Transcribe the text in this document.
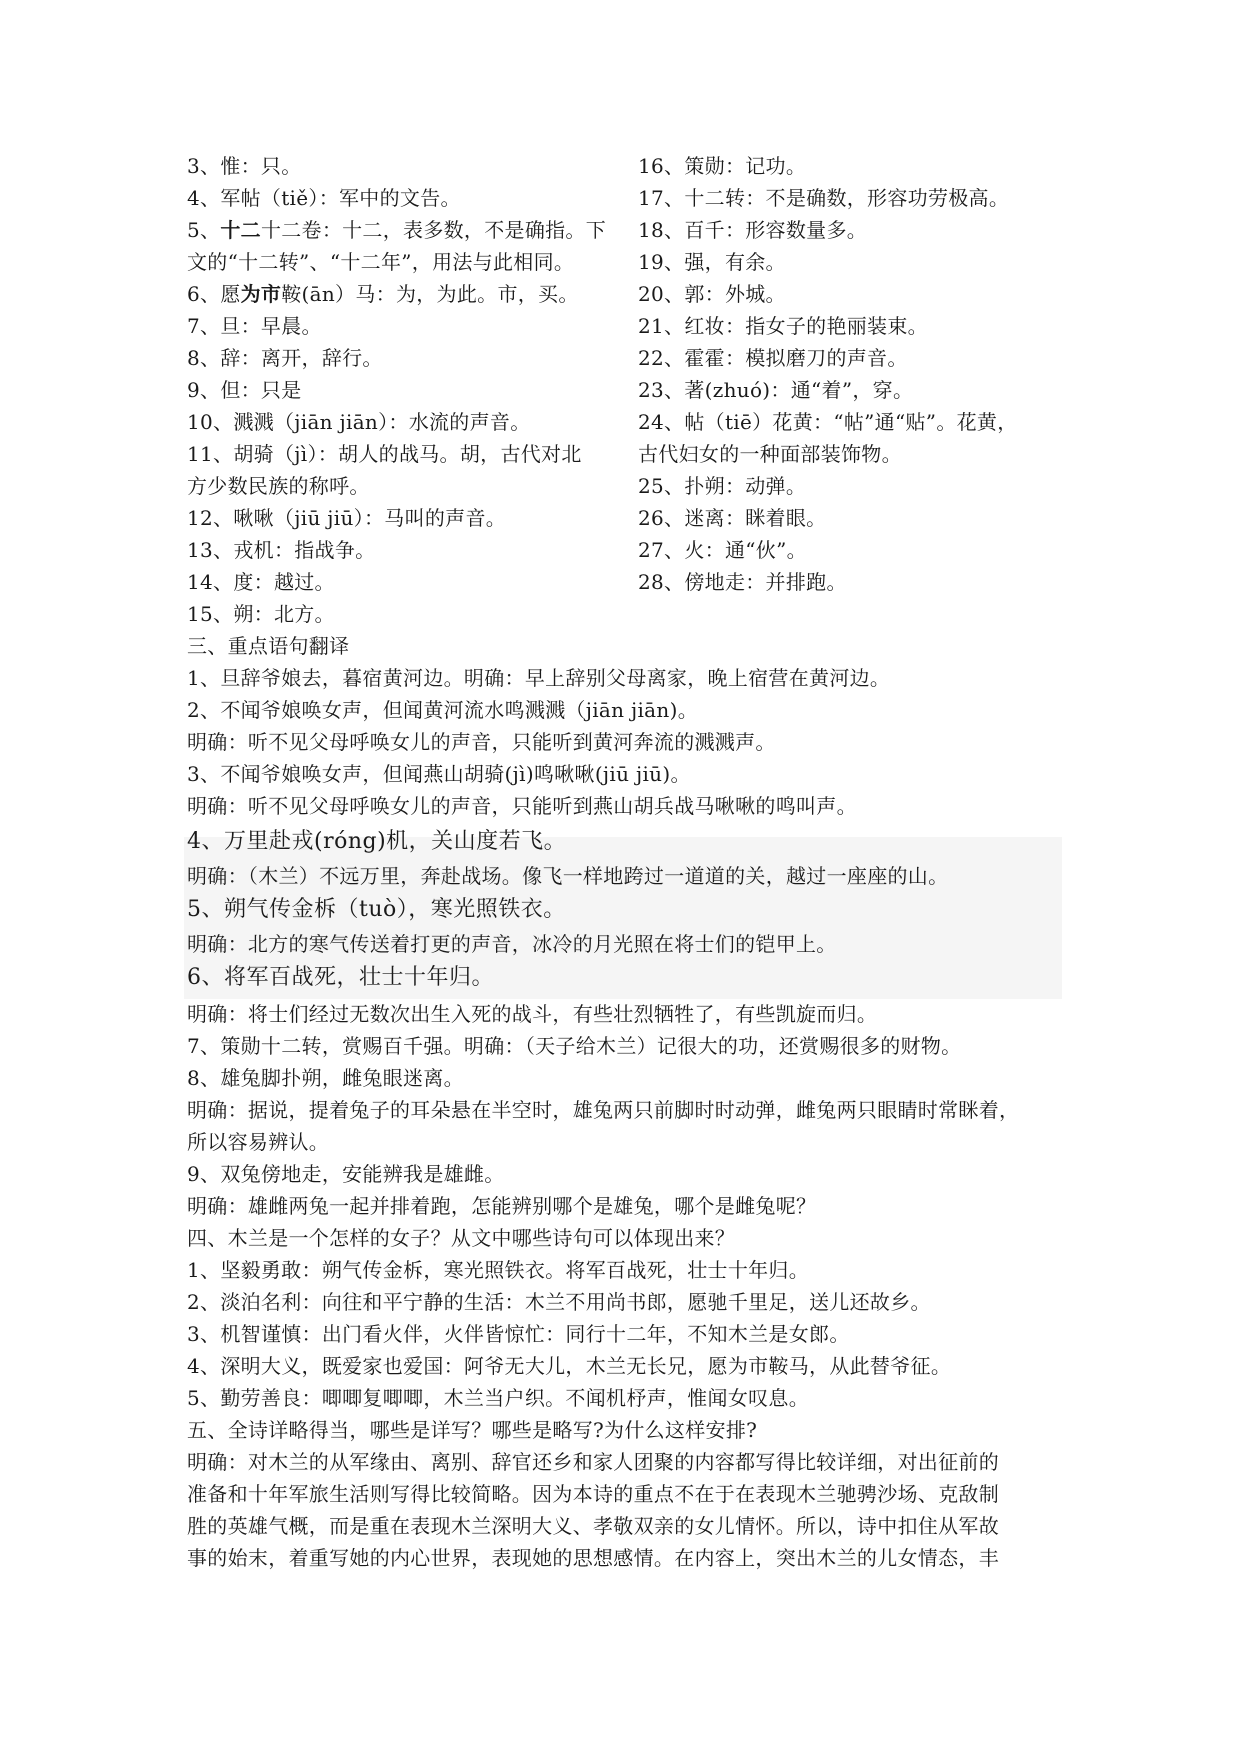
3、惟：只。
4、军帖（tiě）：军中的文告。
5、十二十二卷：十二，表多数，不是确指。下
文的“十二转”、“十二年”，用法与此相同。
6、愿为市鞍(ān）马：为，为此。市，买。
7、旦：早晨。
8、辞：离开，辞行。
9、但：只是
10、溅溅（jiān jiān）：水流的声音。
11、胡骑（jì）：胡人的战马。胡，古代对北
方少数民族的称呼。
12、啾啾（jiū jiū）：马叫的声音。
13、戎机：指战争。
14、度：越过。
15、朔：北方。
16、策勋：记功。
17、十二转：不是确数，形容功劳极高。
18、百千：形容数量多。
19、强，有余。
20、郭：外城。
21、红妆：指女子的艳丽装束。
22、霍霍：模拟磨刀的声音。
23、著(zhuó)：通“着”，穿。
24、帖（tiē）花黄：“帖”通“贴”。花黄，
古代妇女的一种面部装饰物。
25、扑朔：动弹。
26、迷离：眯着眼。
27、火：通“伙”。
28、傍地走：并排跑。
三、重点语句翻译
1、旦辞爷娘去，暮宿黄河边。明确：早上辞别父母离家，晚上宿营在黄河边。
2、不闻爷娘唤女声，但闻黄河流水鸣溅溅（jiān jiān)。
明确：听不见父母呼唤女儿的声音，只能听到黄河奔流的溅溅声。
3、不闻爷娘唤女声，但闻燕山胡骑(jì)鸣啾啾(jiū jiū)。
明确：听不见父母呼唤女儿的声音，只能听到燕山胡兵战马啾啾的鸣叫声。
4、万里赴戎(róng)机，关山度若飞。
明确：（木兰）不远万里，奔赴战场。像飞一样地跨过一道道的关，越过一座座的山。
5、朔气传金柝（tuò），寒光照铁衣。
明确：北方的寒气传送着打更的声音，冰冷的月光照在将士们的铠甲上。
6、将军百战死，壮士十年归。
明确：将士们经过无数次出生入死的战斗，有些壮烈牺牲了，有些凯旋而归。
7、策勋十二转，赏赐百千强。明确：（天子给木兰）记很大的功，还赏赐很多的财物。
8、雄兔脚扑朔，雌兔眼迷离。
明确：据说，提着兔子的耳朵悬在半空时，雄兔两只前脚时时动弹，雌兔两只眼睛时常眯着，
所以容易辨认。
9、双兔傍地走，安能辨我是雄雌。
明确：雄雌两兔一起并排着跑，怎能辨别哪个是雄兔，哪个是雌兔呢？
四、木兰是一个怎样的女子？从文中哪些诗句可以体现出来？
1、坚毅勇敢：朔气传金柝，寒光照铁衣。将军百战死，壮士十年归。
2、淡泊名利：向往和平宁静的生活：木兰不用尚书郎，愿驰千里足，送儿还故乡。
3、机智谨慎：出门看火伴，火伴皆惊忙：同行十二年，不知木兰是女郎。
4、深明大义，既爱家也爱国：阿爷无大儿，木兰无长兄，愿为市鞍马，从此替爷征。
5、勤劳善良：唧唧复唧唧，木兰当户织。不闻机杼声，惟闻女叹息。
五、全诗详略得当，哪些是详写？哪些是略写?为什么这样安排?
明确：对木兰的从军缘由、离别、辞官还乡和家人团聚的内容都写得比较详细，对出征前的
准备和十年军旅生活则写得比较简略。因为本诗的重点不在于在表现木兰驰骋沙场、克敌制
胜的英雄气概，而是重在表现木兰深明大义、孝敬双亲的女儿情怀。所以，诗中扣住从军故
事的始末，着重写她的内心世界，表现她的思想感情。在内容上，突出木兰的儿女情态，丰
